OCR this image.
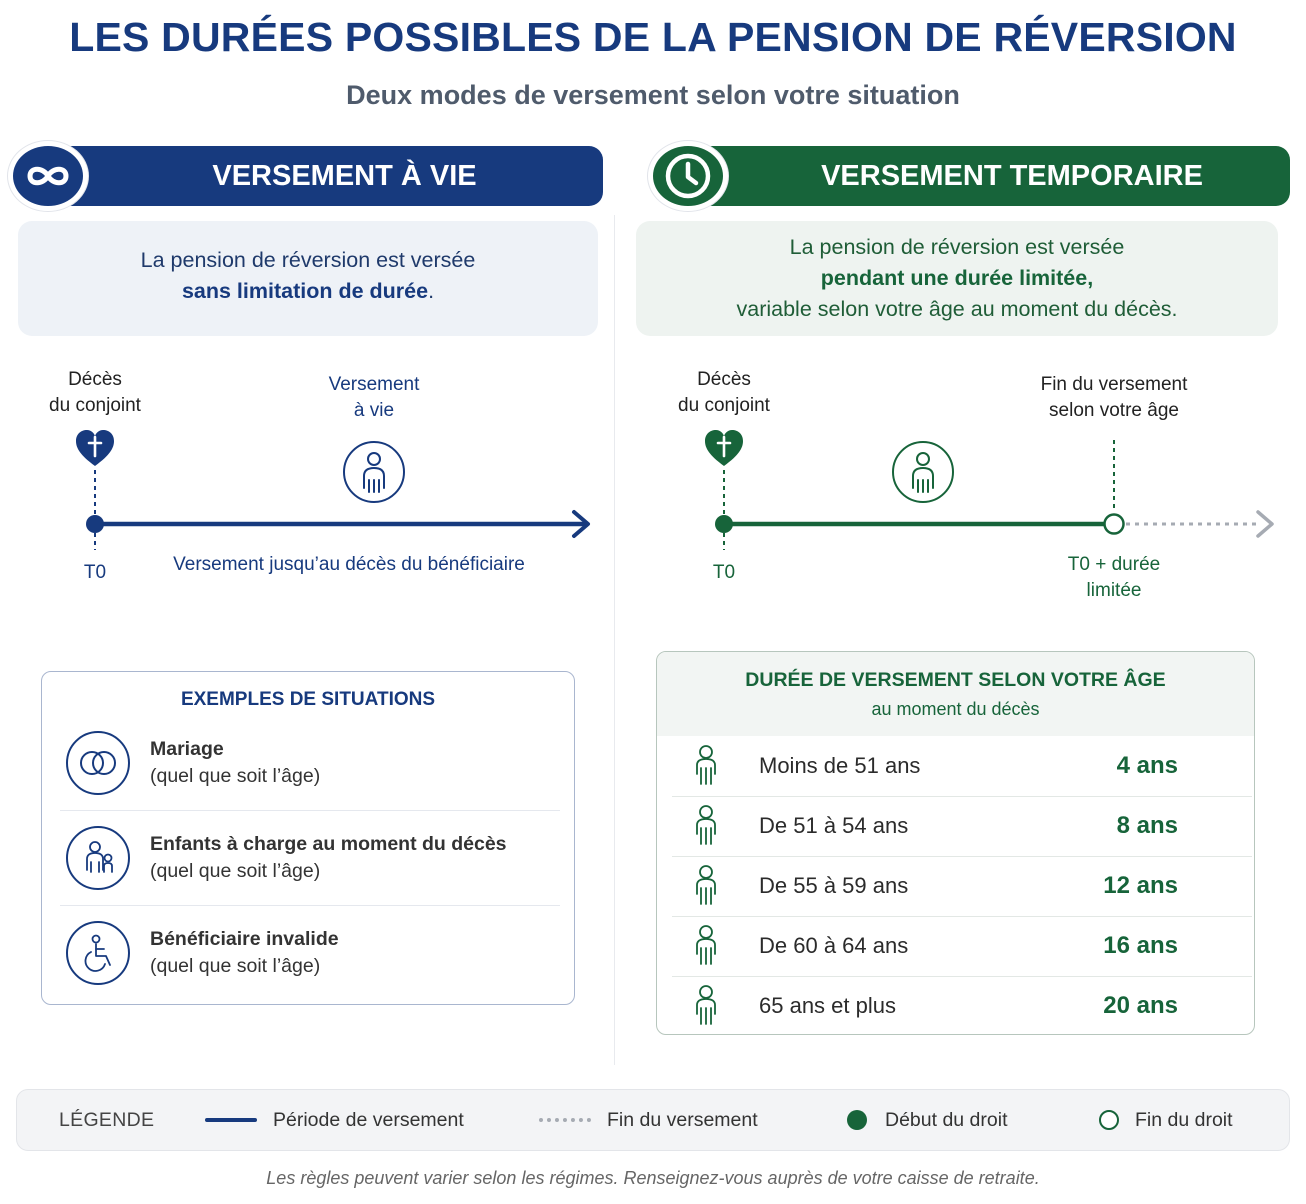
LES DURÉES POSSIBLES DE LA PENSION DE RÉVERSION
Deux modes de versement selon votre situation
VERSEMENT À VIE	VERSEMENT TEMPORAIRE
La pension de réversion est versée
sans limitation de durée.
La pension de réversion est versée
pendant une durée limitée,
variable selon votre âge au moment du décès.
Décès
du conjoint
T0
Versement
à vie
Versement jusqu’au décès du bénéficiaire
Décès
du conjoint
T0
Fin du versement
selon votre âge
T0 + durée
limitée
EXEMPLES DE SITUATIONS
Mariage
(quel que soit l’âge)
Enfants à charge au moment du décès
(quel que soit l’âge)
Bénéficiaire invalide
(quel que soit l’âge)
DURÉE DE VERSEMENT SELON VOTRE ÂGE
au moment du décès
Moins de 51 ans	4 ans
De 51 à 54 ans	8 ans
De 55 à 59 ans	12 ans
De 60 à 64 ans	16 ans
65 ans et plus	20 ans
LÉGENDE	Période de versement	Fin du versement	Début du droit	Fin du droit
Les règles peuvent varier selon les régimes. Renseignez-vous auprès de votre caisse de retraite.
